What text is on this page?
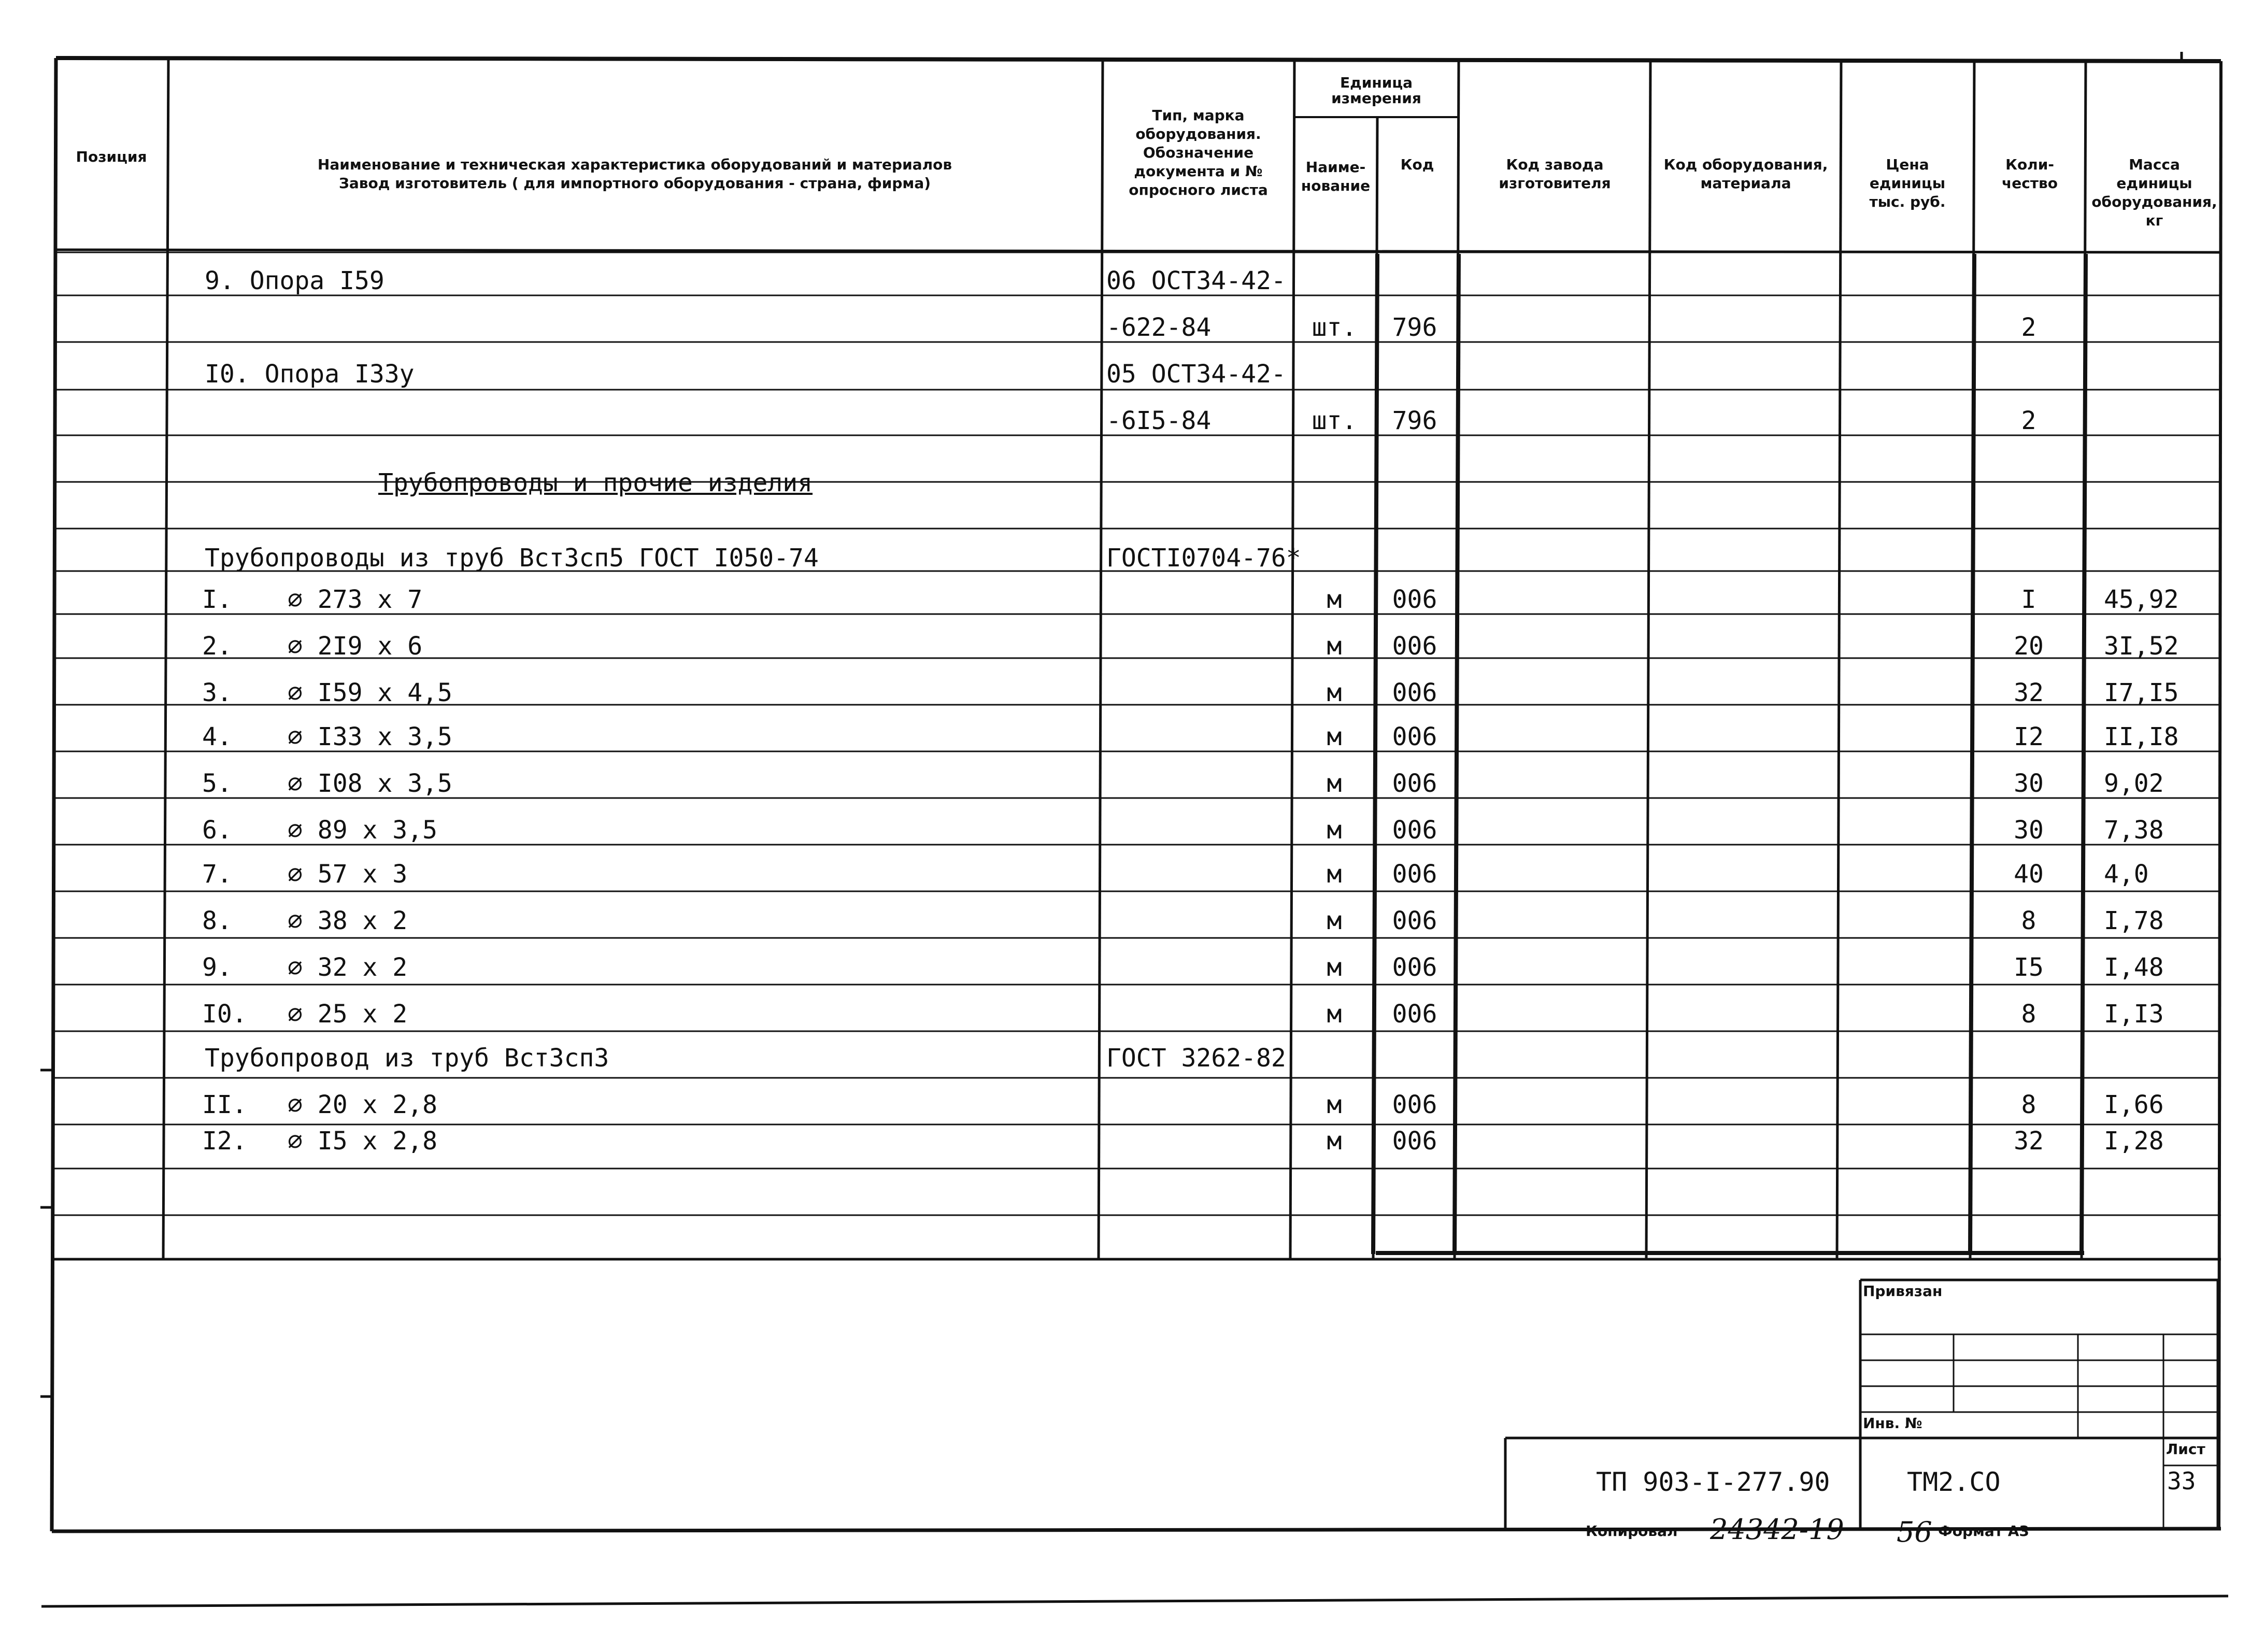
Позиция	Наименование и техническая характеристика оборудований и материалов
Завод изготовитель ( для импортного оборудования - страна, фирма)
Тип, марка
оборудования.
Обозначение
документа и №
опросного листа
Единица
измерения
Наиме-
нование
Код	Код завода
изготовителя
Код оборудования,
материала
Цена
единицы
тыс. руб.
Коли-
чество
Масса
единицы
оборудования,
кг
9. Опора I59	06 ОСТ34-42-
-622-84	шт.	796	2
I0. Опора I33у	05 ОСТ34-42-
-6I5-84	шт.	796	2
Трубопроводы и прочие изделия
Трубопроводы из труб ВстЗсп5 ГОСТ I050-74	ГОСТI0704-76*
I. ⌀ 273 х 7	м	006	I	45,92
2. ⌀ 2I9 х 6	м	006	20	3I,52
3. ⌀ I59 х 4,5	м	006	32	I7,I5
4. ⌀ I33 х 3,5	м	006	I2	II,I8
5. ⌀ I08 х 3,5	м	006	30	9,02
6. ⌀ 89 х 3,5	м	006	30	7,38
7. ⌀ 57 х 3	м	006	40	4,0
8. ⌀ 38 х 2	м	006	8	I,78
9. ⌀ 32 х 2	м	006	I5	I,48
I0. ⌀ 25 х 2	м	006	8	I,I3
Трубопровод из труб ВстЗсп3	ГОСТ 3262-82
II. ⌀ 20 х 2,8	м	006	8	I,66
I2. ⌀ I5 х 2,8	м	006	32	I,28
Привязан
Инв. №
ТП 903-I-277.90	ТМ2.СО
Лист
33
Копировал 24342-19 56 Формат А3
